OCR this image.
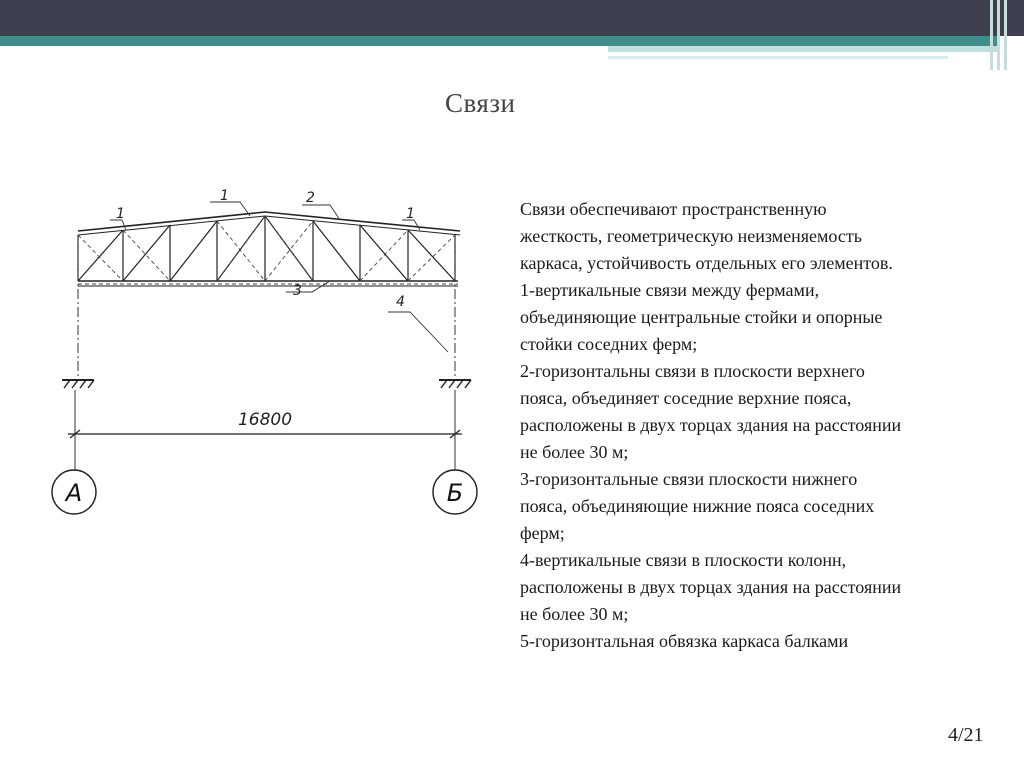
Связи
16800
А	Б
1
1	2
1
3
4

Связи обеспечивают пространственную

жесткость, геометрическую неизменяемость

каркаса, устойчивость отдельных его элементов.

1-вертикальные связи между фермами,

объединяющие центральные стойки и опорные

стойки соседних ферм;

2-горизонтальны связи в плоскости верхнего

пояса, объединяет соседние верхние пояса,

расположены в двух торцах здания на расстоянии

не более 30 м;

3-горизонтальные связи плоскости нижнего

пояса, объединяющие нижние пояса соседних

ферм;

4-вертикальные связи в плоскости колонн,

расположены в двух торцах здания на расстоянии

не более 30 м;

5-горизонтальная обвязка каркаса балками

4/21
